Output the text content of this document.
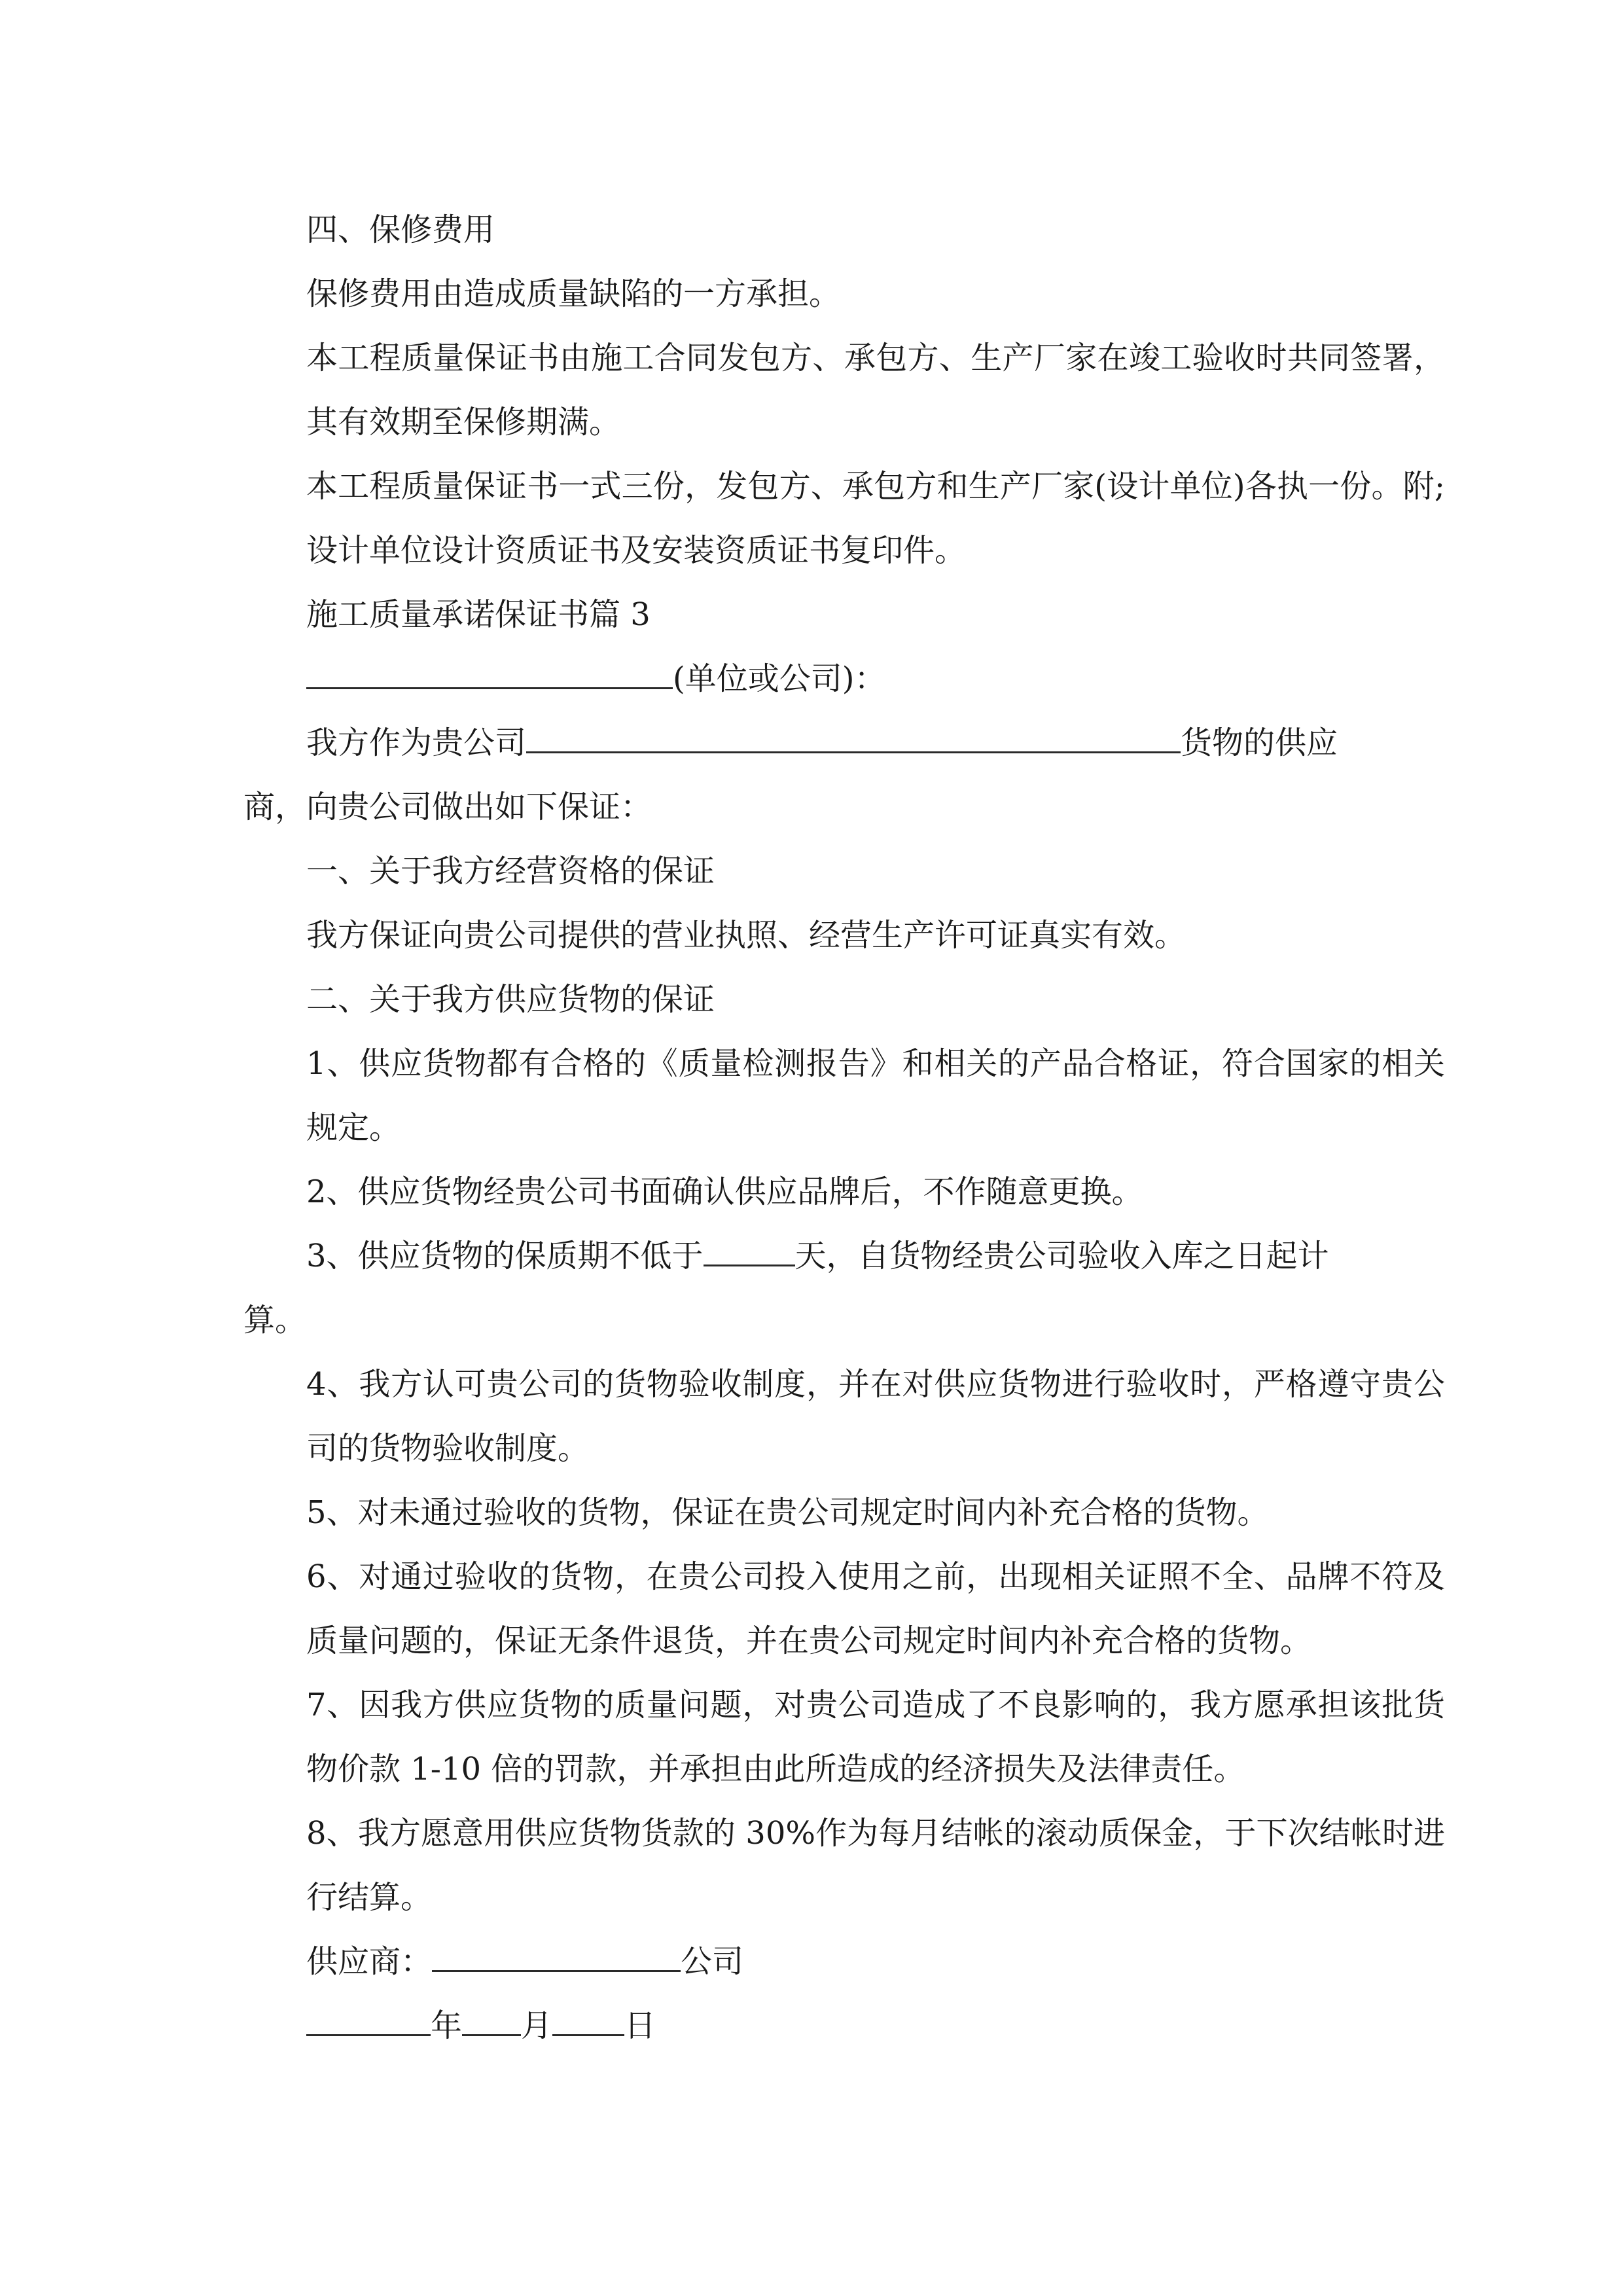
四、保修费用
保修费用由造成质量缺陷的一方承担。
本工程质量保证书由施工合同发包方、承包方、生产厂家在竣工验收时共同签署，其有效期至保修期满。
本工程质量保证书一式三份，发包方、承包方和生产厂家(设计单位)各执一份。附;设计单位设计资质证书及安装资质证书复印件。
施工质量承诺保证书篇 3
(单位或公司)：
我方作为贵公司	货物的供应
商，向贵公司做出如下保证：
一、关于我方经营资格的保证
我方保证向贵公司提供的营业执照、经营生产许可证真实有效。
二、关于我方供应货物的保证
1、供应货物都有合格的《质量检测报告》和相关的产品合格证，符合国家的相关规定。
2、供应货物经贵公司书面确认供应品牌后，不作随意更换。
3、供应货物的保质期不低于	天，自货物经贵公司验收入库之日起计
算。
4、我方认可贵公司的货物验收制度，并在对供应货物进行验收时，严格遵守贵公司的货物验收制度。
5、对未通过验收的货物，保证在贵公司规定时间内补充合格的货物。
6、对通过验收的货物，在贵公司投入使用之前，出现相关证照不全、品牌不符及质量问题的，保证无条件退货，并在贵公司规定时间内补充合格的货物。
7、因我方供应货物的质量问题，对贵公司造成了不良影响的，我方愿承担该批货物价款 1-10 倍的罚款，并承担由此所造成的经济损失及法律责任。
8、我方愿意用供应货物货款的 30%作为每月结帐的滚动质保金，于下次结帐时进行结算。
供应商：	公司
年 月 日
